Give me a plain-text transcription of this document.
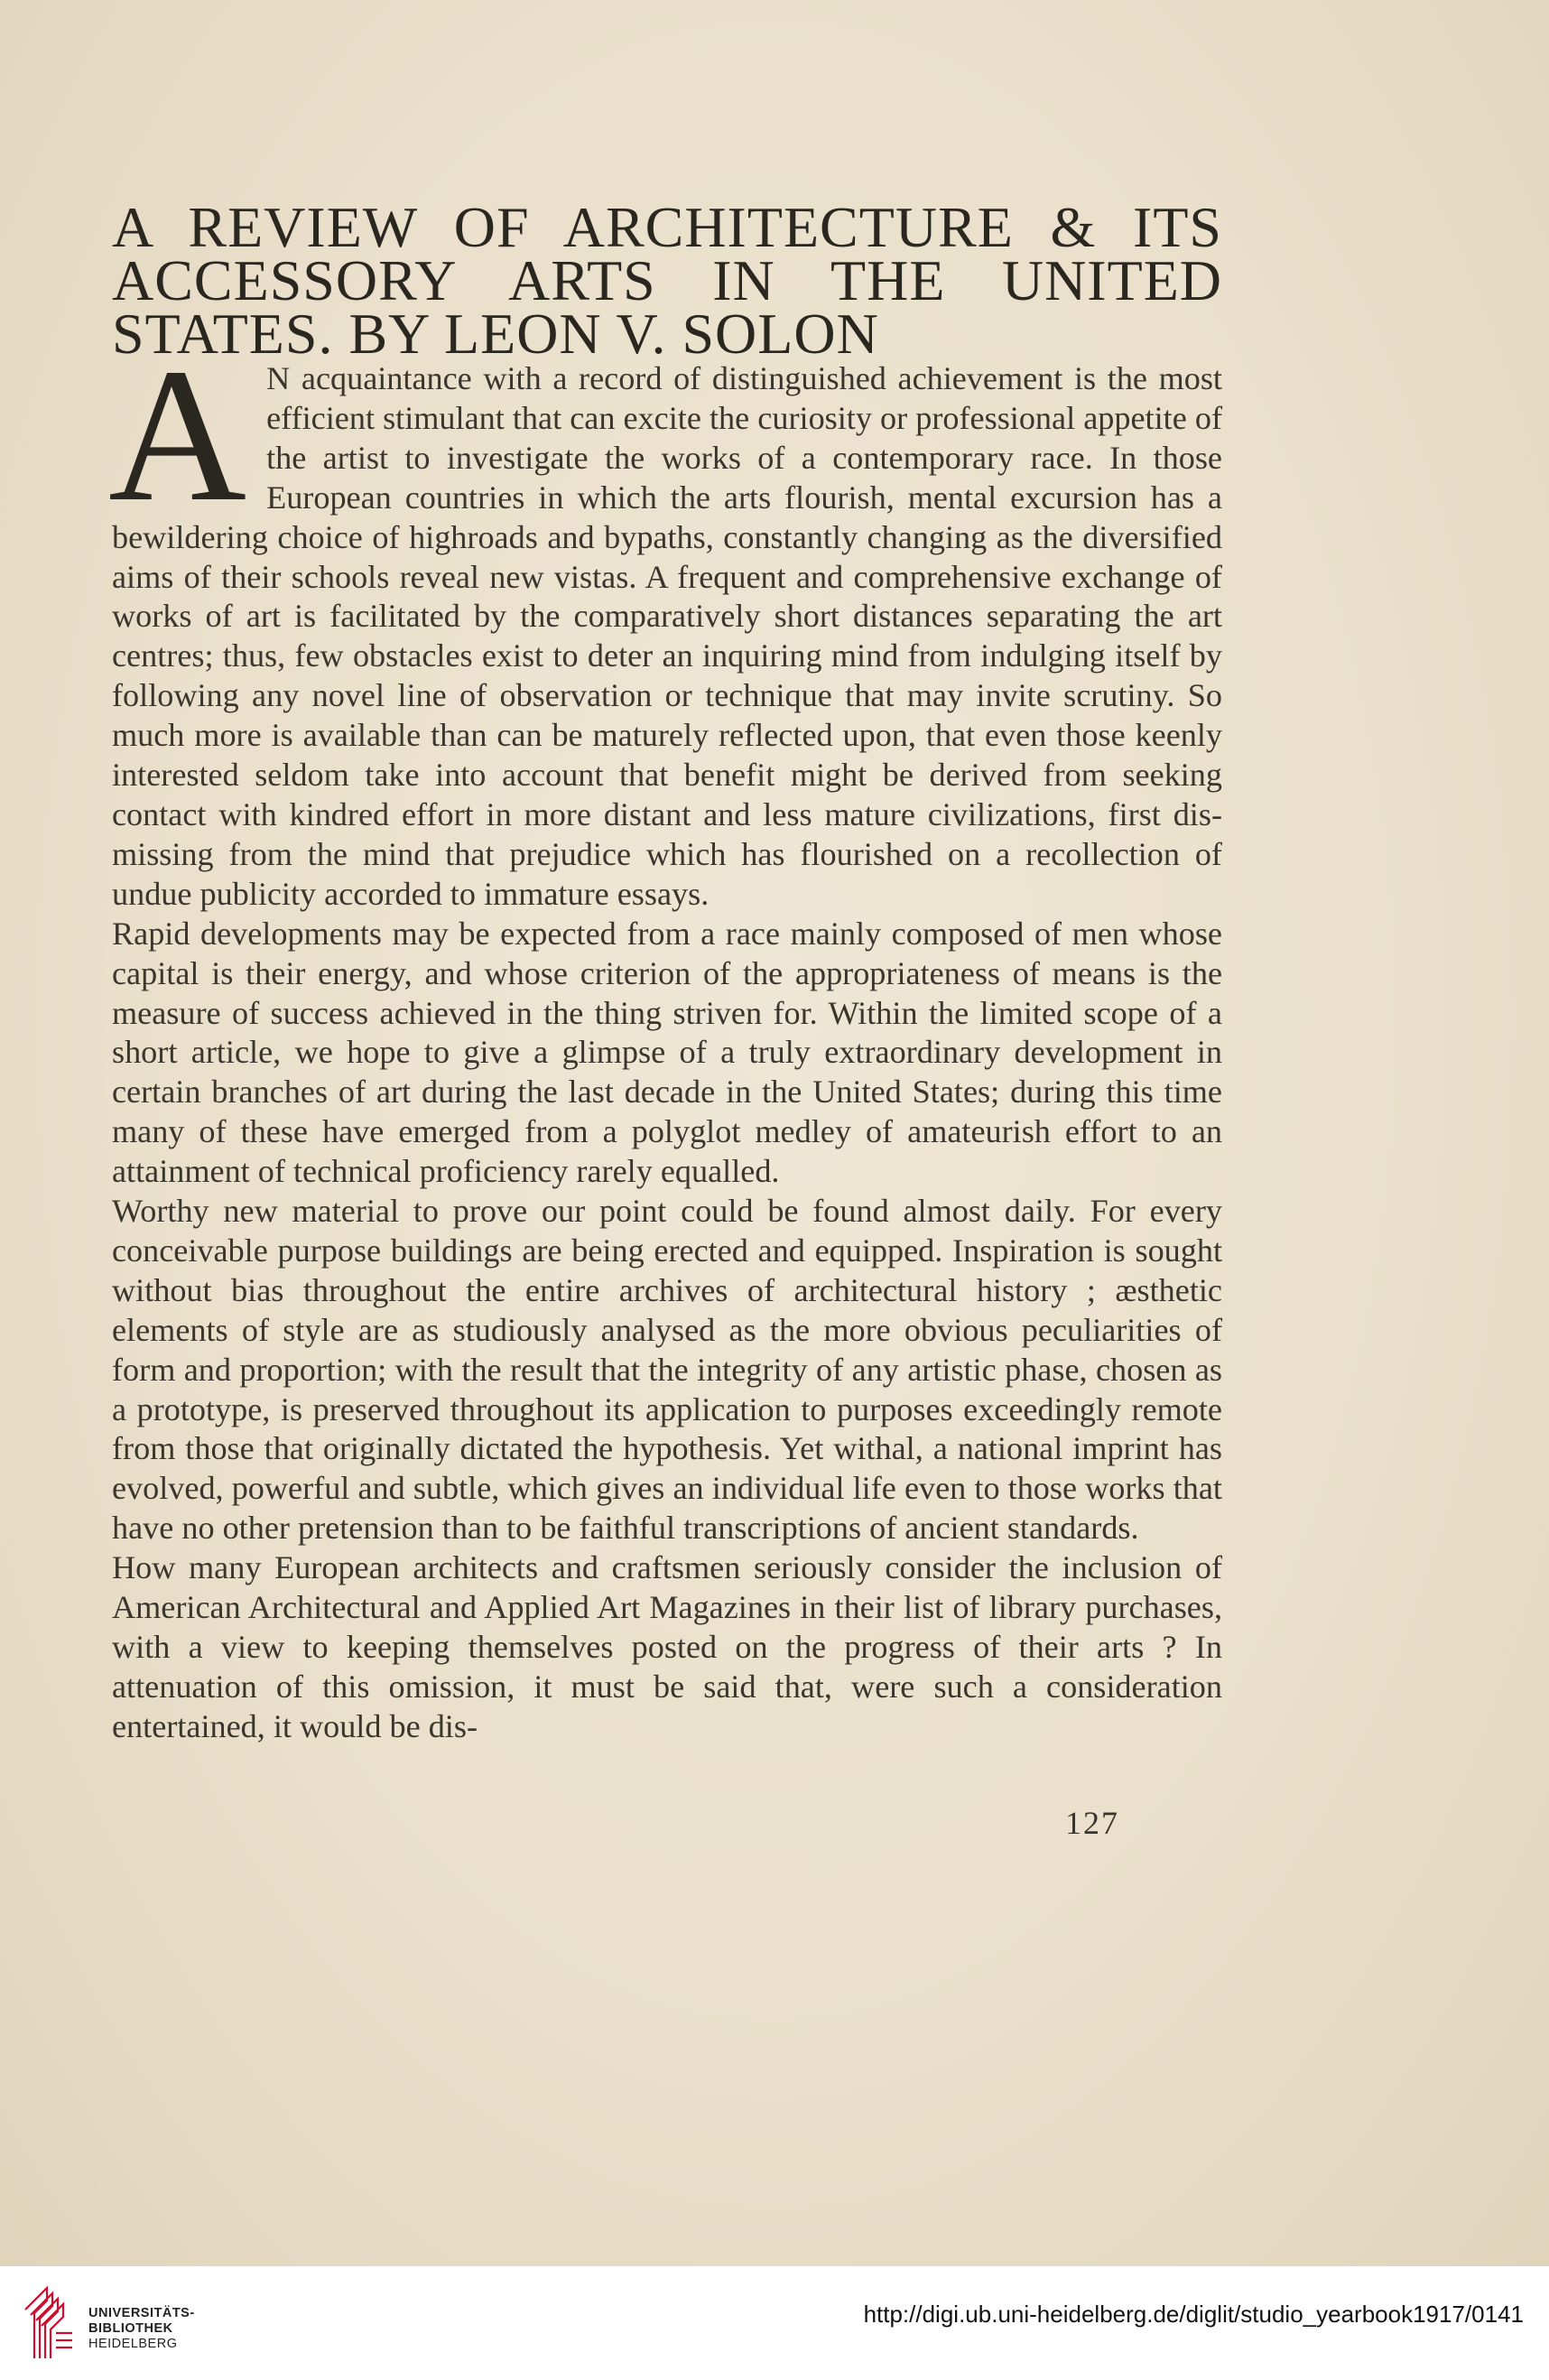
A REVIEW OF ARCHITECTURE & ITS
ACCESSORY ARTS IN THE UNITED
STATES. BY LEON V. SOLON

A N acquaintance with a record of distinguished achievement is the most efficient stimulant that can excite the curiosity or professional appetite of the artist to investigate the works of a contemporary race. In those European countries in which the arts flourish, mental excursion has a bewildering choice of highroads and bypaths, constantly changing as the diversified aims of their schools reveal new vistas. A frequent and comprehensive exchange of works of art is facilitated by the comparatively short distances separating the art centres; thus, few obstacles exist to deter an inquiring mind from indulging itself by following any novel line of observation or technique that may invite scrutiny. So much more is available than can be maturely reflected upon, that even those keenly interested seldom take into account that benefit might be derived from seeking contact with kindred effort in more distant and less mature civilizations, first dismissing from the mind that prejudice which has flourished on a recollection of undue publicity accorded to immature essays.

Rapid developments may be expected from a race mainly composed of men whose capital is their energy, and whose criterion of the appropriateness of means is the measure of success achieved in the thing striven for. Within the limited scope of a short article, we hope to give a glimpse of a truly extraordinary development in certain branches of art during the last decade in the United States; during this time many of these have emerged from a polyglot medley of amateurish effort to an attainment of technical proficiency rarely equalled.

Worthy new material to prove our point could be found almost daily. For every conceivable purpose buildings are being erected and equipped. Inspiration is sought without bias throughout the entire archives of architectural history ; æsthetic elements of style are as studiously analysed as the more obvious peculiarities of form and proportion; with the result that the integrity of any artistic phase, chosen as a prototype, is preserved throughout its application to purposes exceedingly remote from those that originally dictated the hypothesis. Yet withal, a national imprint has evolved, powerful and subtle, which gives an individual life even to those works that have no other pretension than to be faithful transcriptions of ancient standards.

How many European architects and craftsmen seriously consider the inclusion of American Architectural and Applied Art Magazines in their list of library purchases, with a view to keeping themselves posted on the progress of their arts ? In attenuation of this omission, it must be said that, were such a consideration entertained, it would be dis-

127
UNIVERSITÄTS-
BIBLIOTHEK
HEIDELBERG
http://digi.ub.uni-heidelberg.de/diglit/studio_yearbook1917/0141
